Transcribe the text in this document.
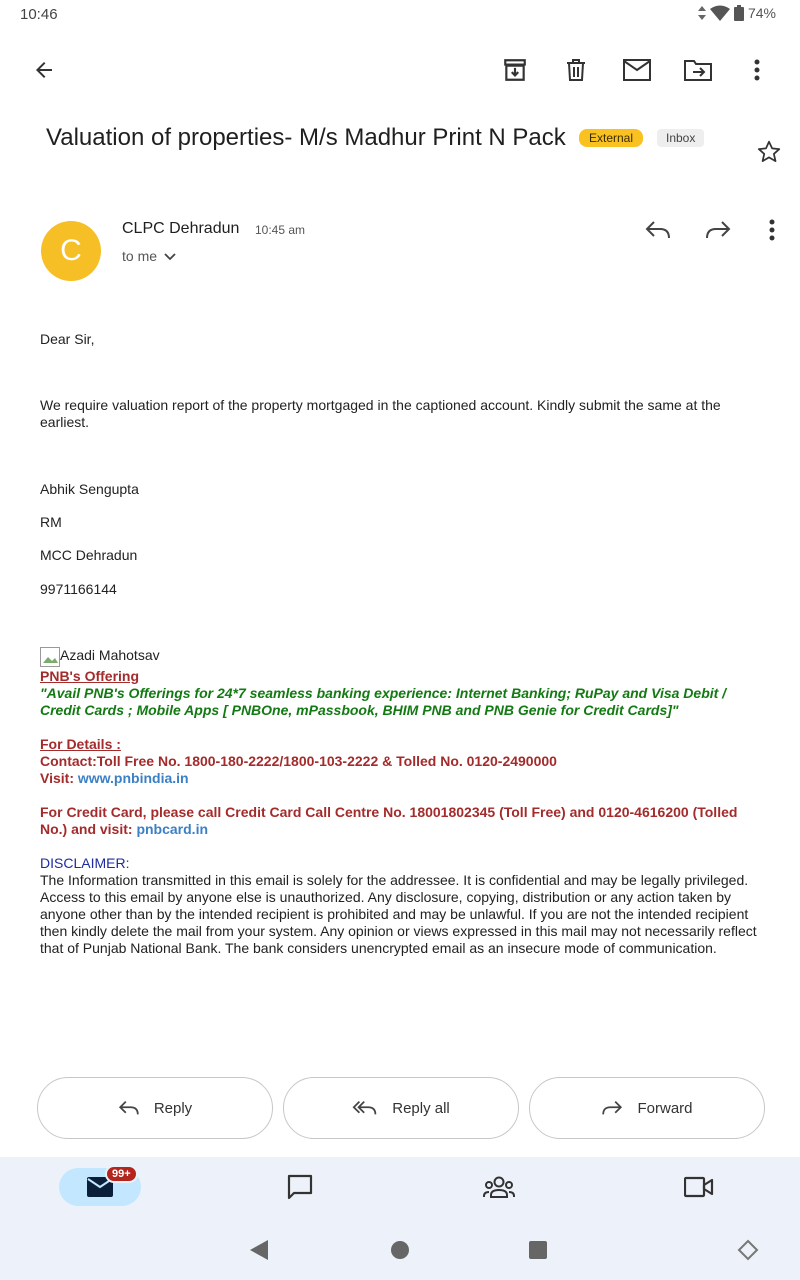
10:46	74%
Valuation of properties- M/s Madhur Print N Pack	External	Inbox
C
CLPC Dehradun 10:45 am
to me
Dear Sir,
We require valuation report of the property mortgaged in the captioned account. Kindly submit the same at the earliest.
Abhik Sengupta
RM
MCC Dehradun
9971166144
Azadi Mahotsav
PNB's Offering
"Avail PNB's Offerings for 24*7 seamless banking experience: Internet Banking; RuPay and Visa Debit / Credit Cards ; Mobile Apps [ PNBOne, mPassbook, BHIM PNB and PNB Genie for Credit Cards]"
For Details :
Contact:Toll Free No. 1800-180-2222/1800-103-2222 & Tolled No. 0120-2490000
Visit: www.pnbindia.in
For Credit Card, please call Credit Card Call Centre No. 18001802345 (Toll Free) and 0120-4616200 (Tolled No.) and visit: pnbcard.in
DISCLAIMER:
The Information transmitted in this email is solely for the addressee. It is confidential and may be legally privileged. Access to this email by anyone else is unauthorized. Any disclosure, copying, distribution or any action taken by anyone other than by the intended recipient is prohibited and may be unlawful. If you are not the intended recipient then kindly delete the mail from your system. Any opinion or views expressed in this mail may not necessarily reflect that of Punjab National Bank. The bank considers unencrypted email as an insecure mode of communication.
Reply	Reply all	Forward
99+
